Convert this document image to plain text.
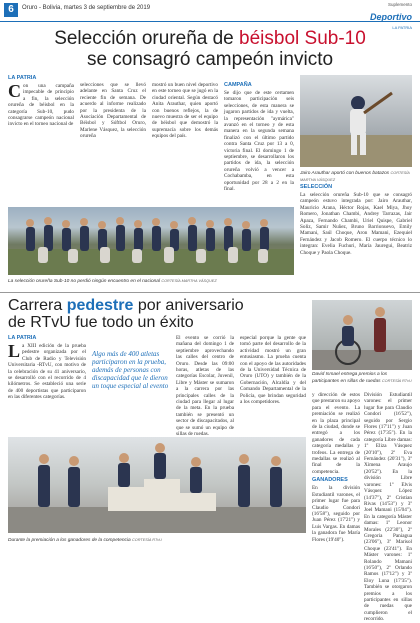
6	Oruro - Bolivia, martes 3 de septiembre de 2019
Suplemento
Deportivo
LA PATRIA
Selección orureña de béisbol Sub-10
se consagró campeón invicto
LA PATRIA
C on una campaña impecable de principio a fin, la selección orureña de béisbol en la categoría Sub-10, pudo consagrarse campeón nacional invicto en el torneo nacional de
selecciones que se llevó adelante en Santa Cruz el reciente fin de semana. De acuerdo al informe realizado por la presidenta de la Asociación Departamental de Béisbol y Sóftbol Oruro, Marlene Vásquez, la selección orureña
mostró un buen nivel deportivo en este torneo que se jugó en la ciudad oriental. Según destacó Anita Arauthar, quien aportó con buenos reflejos, la de nuevo muestra de ser el equipo de béisbol que demostró la supremacía sobre los demás equipos del país.
CAMPAÑA
Se dijo que de este certamen tomaron participación seis selecciones, de esta manera se jugaron partidos de ida y vuelta, la representación "aymárica" avanzó en el torneo y de esta manera en la segunda semana finalizó con el último partido contra Santa Cruz por 13 a 0, victoria final. El domingo 1 de septiembre, se desarrollaron los partidos de ida, la selección orureña volvió a vencer a Cochabamba, en esta oportunidad por 28 a 2 en la final.
La selección orureña Sub-10 no perdió ningún encuentro en el nacional CORTESÍA MARTHA VÁSQUEZ
Jairo Arauthar aportó con buenos batazos CORTESÍA MARTHA VÁSQUEZ
SELECCIÓN
La selección orureña Sub-10 que se consagró campeón estuvo integrada por: Jairo Arauthar, Mauricio Arana, Héctor Rojas, Kael Miya, Jhoy Romero, Jonathan Chambi, Andrey Tarrazas, Jair Apaza, Fernando Chambi, Uriel Quispe, Gabriel Soliz, Samir Nuñez, Bruno Barrionuevo, Emily Mamani, Saúl Choque, Aron Mamani, Ezequiel Fernández y Jacob Romero. El cuerpo técnico lo integran: Evelia Fuchuri, María Jauregui, Beatriz Choque y Paola Choque.
Carrera pedestre por aniversario
de RTvU fue todo un éxito
LA PATRIA
L a XIII edición de la prueba pedestre organizada por el Club de Radio y Televisión Universitaria -RTvU, con motivo de la celebración de su 41 aniversario, se desarrolló con el recorrido de 4 kilómetros. Se estableció una serie de 400 deportistas que participaron en las diferentes categorías.
Algo más de 400 atletas participaron en la prueba, además de personas con discapacidad que le dieron un toque especial al evento
El evento se corrió la mañana del domingo 1 de septiembre aprovechando las calles del centro de Oruro. Desde las 09:00 horas, atletas de las categorías Escolar, Juvenil, Libre y Máster se sumaron a la carrera por las principales calles de la ciudad para llegar al lugar de la meta. En la prueba también se presentó un sector de discapacitados, al que se sumó un equipo de sillas de ruedas.
especial porque la gente que tomó parte del desarrollo de la actividad mostró un gran entusiasmo. La prueba cuenta con el apoyo de las autoridades de la Universidad Técnica de Oruro (UTO) y también de la Gobernación, Alcaldía y del Comando Departamental de la Policía, que brindan seguridad a los competidores.
Durante la premiación a los ganadores de la competencia CORTESÍA RTvU
David Ismael entrega premios a los participantes en sillas de ruedas CORTESÍA RTvU
y dirección de estos que prestaron su apoyo para el evento. La premiación se realizó en la plaza principal de la ciudad, donde se entregó a los ganadores de cada categoría medallas y trofeos. La entrega de medallas se realizó al final de la competencia.
GANADORES
En la división Estudiantil varones, el primer lugar fue para Claudio Condori (16'58"), seguido por Juan Pérez (17'21") y Luis Vargas. En damas la ganadora fue María Flores (19'40").
División Estudiantil varones: el primer lugar fue para Claudio Condori (16'52"), seguido por Sergio Flores (17'11") y Juan Pérez (17'35"). En la categoría Libre damas: 1º Eliza Vásquez (20'10"), 2º Eva Fernández (20'31"), 3º Ximena Araujo (20'52"). En la división Libre varones: 1º Elvis Vásquez López (14'37"), 2º Cristian Rivas (14'53") y 3º Joel Mamani (15'04"). En la categoría Máster damas: 1º Leonor Morales (22'30"), 2º Gregoria Paniagua (23'06"), 3º Marisol Choque (23'41"). En Máster varones: 1º Rolando Mamani (16'50"), 2º Orlando Ramos (17'12") y 3º Eloy Luna (17'35"). También se otorgaron premios a los participantes en sillas de ruedas que cumplieron el recorrido.
